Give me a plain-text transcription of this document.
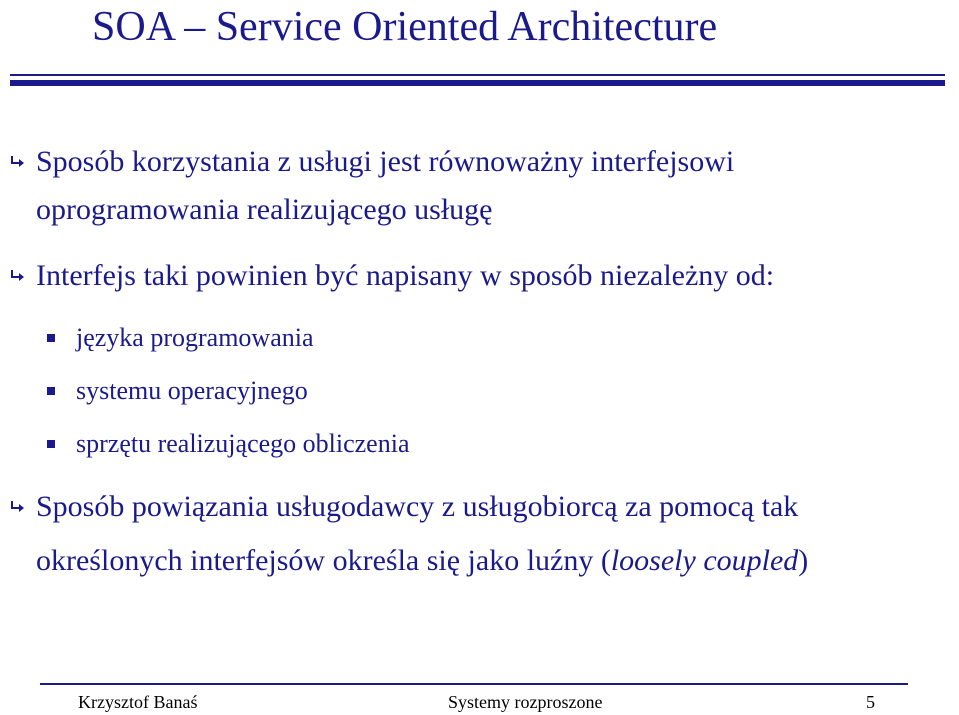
SOA – Service Oriented Architecture
Sposób korzystania z usługi jest równoważny interfejsowi
oprogramowania realizującego usługę
Interfejs taki powinien być napisany w sposób niezależny od:
języka programowania
systemu operacyjnego
sprzętu realizującego obliczenia
Sposób powiązania usługodawcy z usługobiorcą za pomocą tak
określonych interfejsów określa się jako luźny (loosely coupled)
Krzysztof Banaś	Systemy rozproszone	5
